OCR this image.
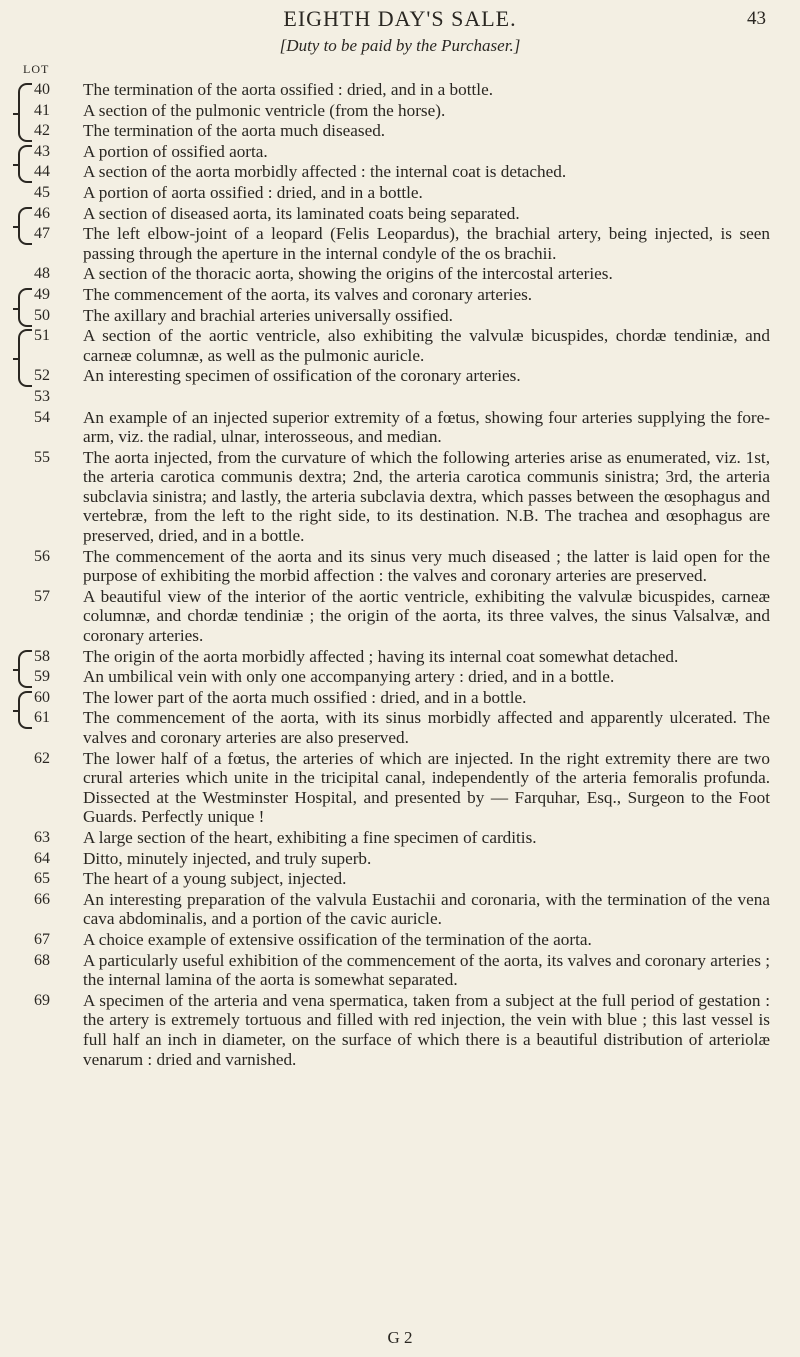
EIGHTH DAY'S SALE.	43
[Duty to be paid by the Purchaser.]
LOT
40	The termination of the aorta ossified : dried, and in a bottle.
41	A section of the pulmonic ventricle (from the horse).
42	The termination of the aorta much diseased.
43	A portion of ossified aorta.
44	A section of the aorta morbidly affected : the internal coat is detached.
45	A portion of aorta ossified : dried, and in a bottle.
46	A section of diseased aorta, its laminated coats being separated.
47	The left elbow-joint of a leopard (Felis Leopardus), the brachial artery, being injected, is seen passing through the aperture in the internal condyle of the os brachii.
48	A section of the thoracic aorta, showing the origins of the intercostal arteries.
49	The commencement of the aorta, its valves and coronary arteries.
50	The axillary and brachial arteries universally ossified.
51	A section of the aortic ventricle, also exhibiting the valvulæ bicuspides, chordæ tendiniæ, and carneæ columnæ, as well as the pulmonic auricle.
52	An interesting specimen of ossification of the coronary arteries.
53
54	An example of an injected superior extremity of a fœtus, showing four arteries supplying the fore-arm, viz. the radial, ulnar, interosseous, and median.
55	The aorta injected, from the curvature of which the following arteries arise as enumerated, viz. 1st, the arteria carotica communis dextra; 2nd, the arteria carotica communis sinistra; 3rd, the arteria subclavia sinistra; and lastly, the arteria subclavia dextra, which passes between the œsophagus and vertebræ, from the left to the right side, to its destination. N.B. The trachea and œsophagus are preserved, dried, and in a bottle.
56	The commencement of the aorta and its sinus very much diseased ; the latter is laid open for the purpose of exhibiting the morbid affection : the valves and coronary arteries are preserved.
57	A beautiful view of the interior of the aortic ventricle, exhibiting the valvulæ bicuspides, carneæ columnæ, and chordæ tendiniæ ; the origin of the aorta, its three valves, the sinus Valsalvæ, and coronary arteries.
58	The origin of the aorta morbidly affected ; having its internal coat somewhat detached.
59	An umbilical vein with only one accompanying artery : dried, and in a bottle.
60	The lower part of the aorta much ossified : dried, and in a bottle.
61	The commencement of the aorta, with its sinus morbidly affected and apparently ulcerated. The valves and coronary arteries are also preserved.
62	The lower half of a fœtus, the arteries of which are injected. In the right extremity there are two crural arteries which unite in the tricipital canal, independently of the arteria femoralis profunda. Dissected at the Westminster Hospital, and presented by — Farquhar, Esq., Surgeon to the Foot Guards. Perfectly unique !
63	A large section of the heart, exhibiting a fine specimen of carditis.
64	Ditto, minutely injected, and truly superb.
65	The heart of a young subject, injected.
66	An interesting preparation of the valvula Eustachii and coronaria, with the termination of the vena cava abdominalis, and a portion of the cavic auricle.
67	A choice example of extensive ossification of the termination of the aorta.
68	A particularly useful exhibition of the commencement of the aorta, its valves and coronary arteries ; the internal lamina of the aorta is somewhat separated.
69	A specimen of the arteria and vena spermatica, taken from a subject at the full period of gestation : the artery is extremely tortuous and filled with red injection, the vein with blue ; this last vessel is full half an inch in diameter, on the surface of which there is a beautiful distribution of arteriolæ venarum : dried and varnished.
G 2
